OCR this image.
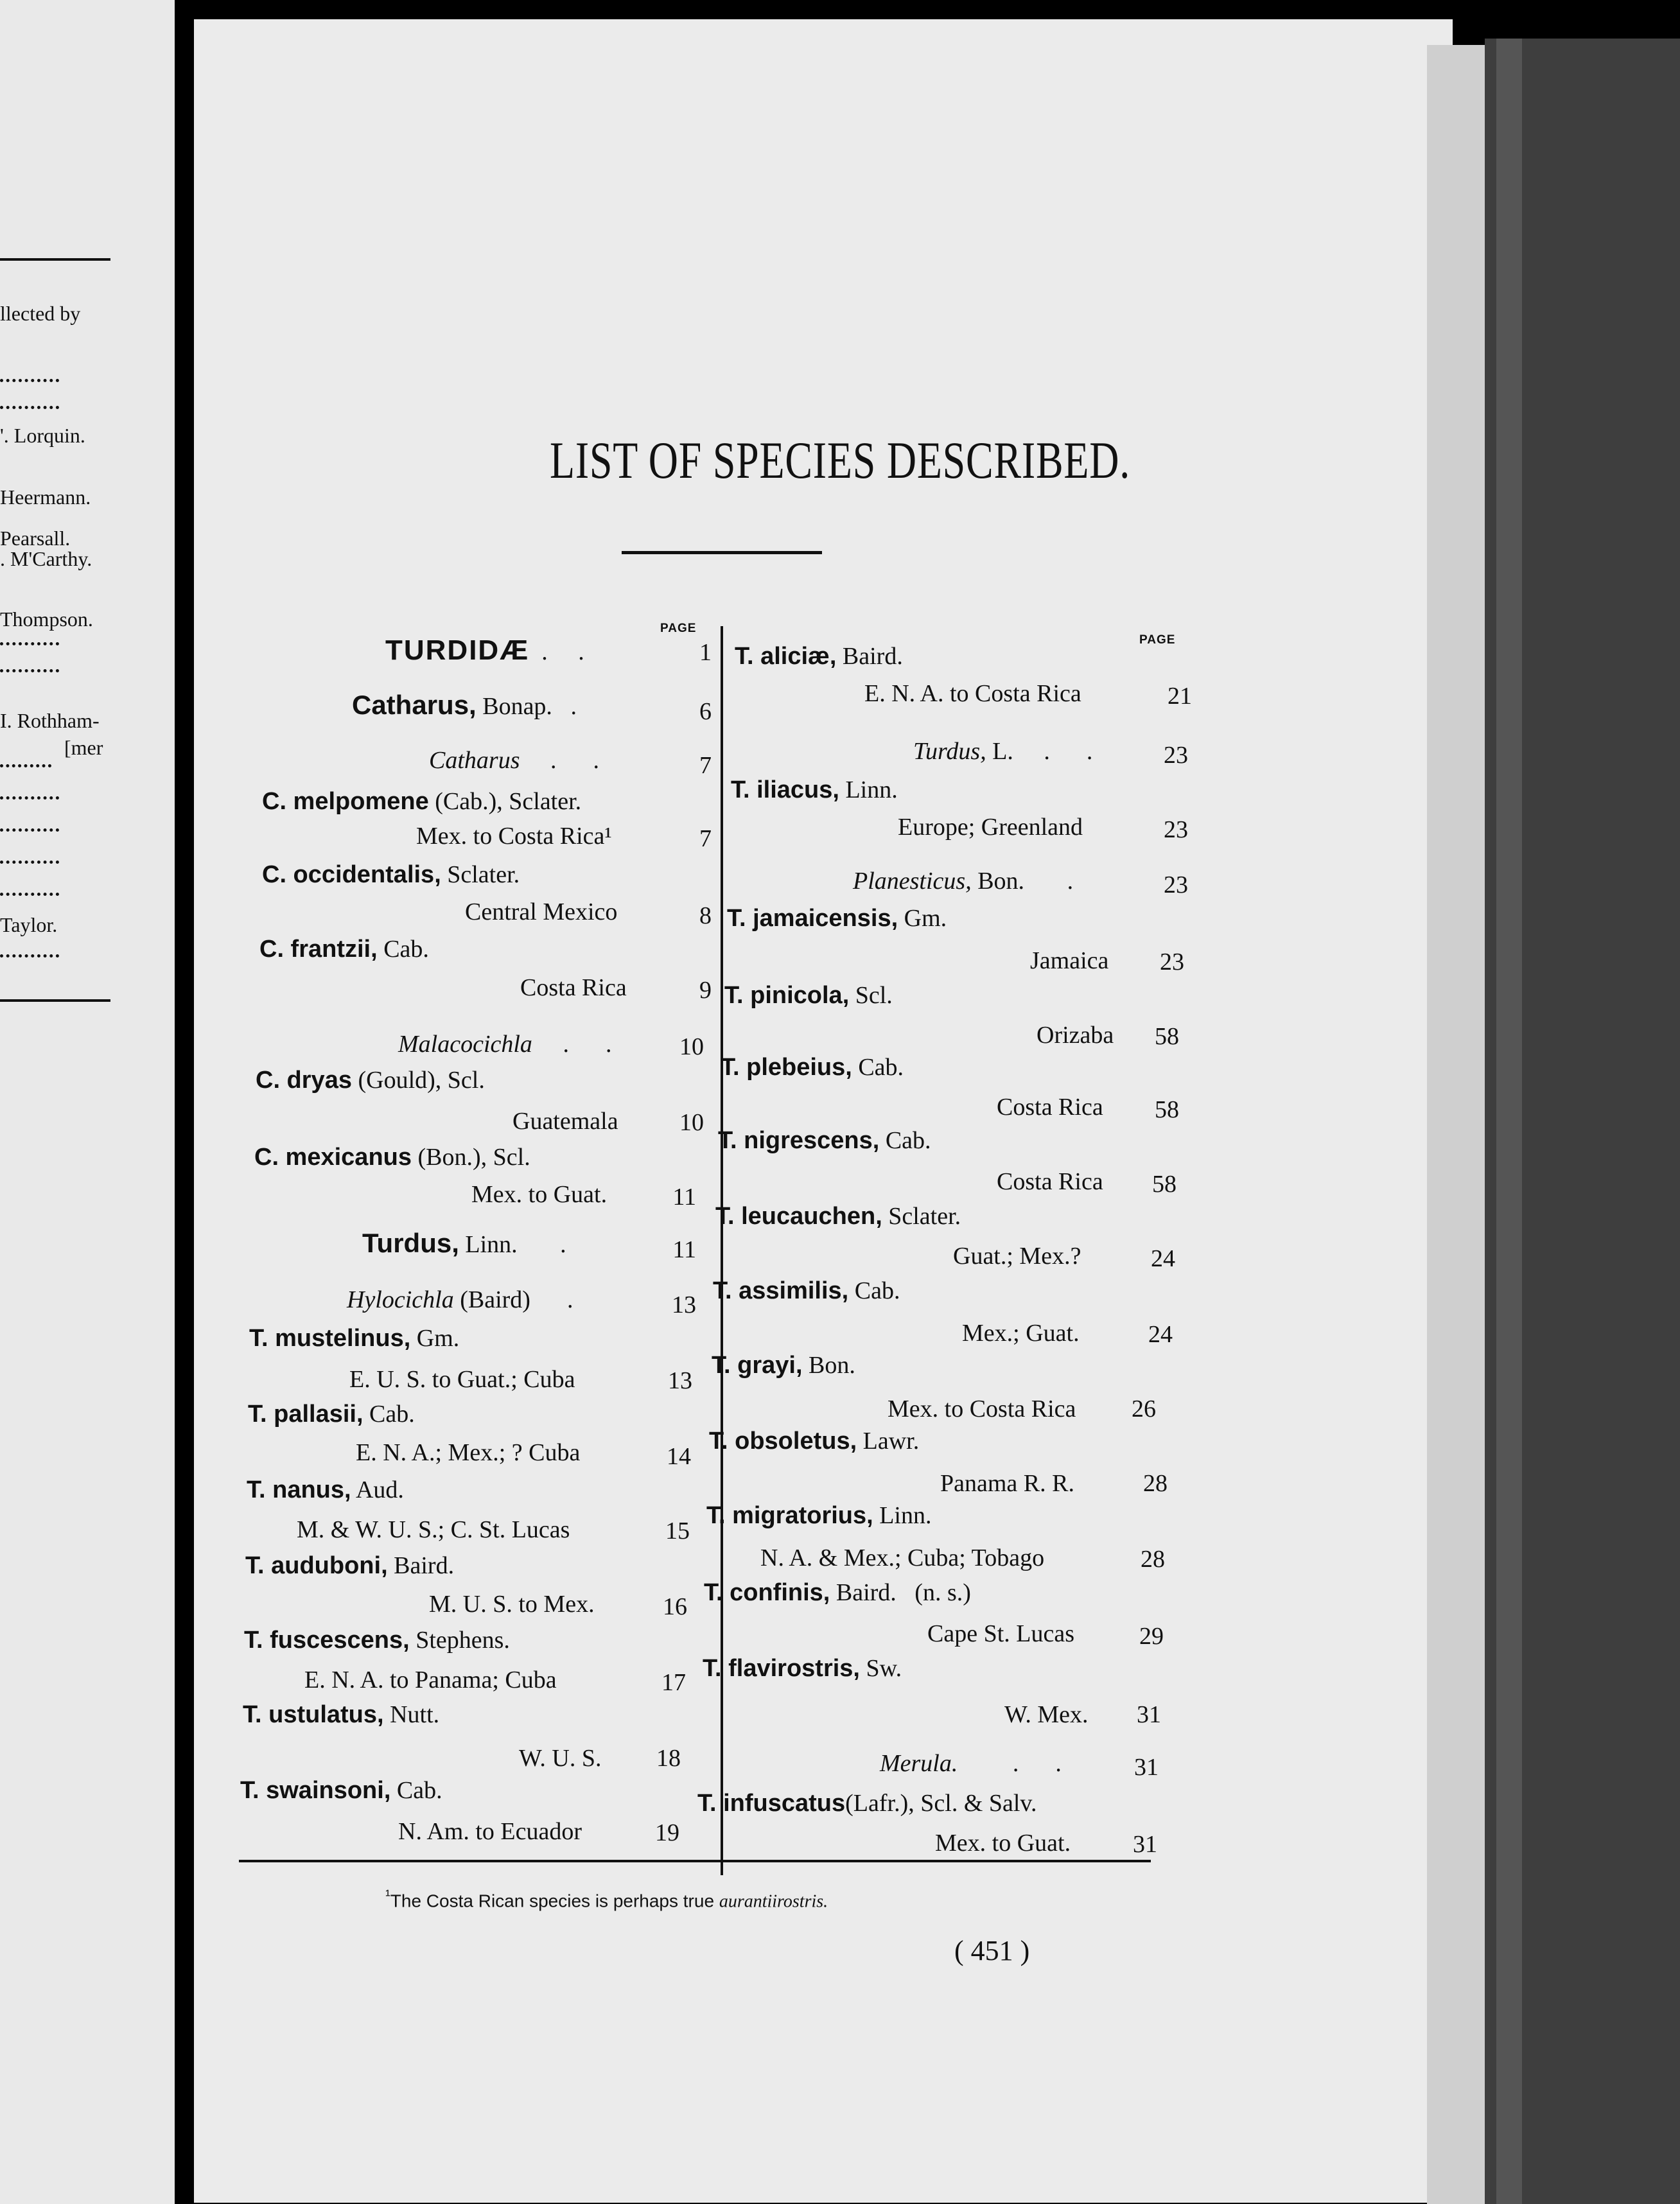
llected by
'. Lorquin.
Heermann.
Pearsall.
. M'Carthy.
Thompson.
I. Rothham-
[mer
Taylor.
LIST OF SPECIES DESCRIBED.
PAGE
PAGE
TURDIDÆ  .     .	1
Catharus, Bonap.   .	6
Catharus     .      .	7
C. melpomene (Cab.), Sclater.
Mex. to Costa Rica¹	7
C. occidentalis, Sclater.
Central Mexico	8
C. frantzii, Cab.
Costa Rica	9
Malacocichla     .      .	10
C. dryas (Gould), Scl.
Guatemala	10
C. mexicanus (Bon.), Scl.
Mex. to Guat.	11
Turdus, Linn.       .	11
Hylocichla (Baird)      .	13
T. mustelinus, Gm.
E. U. S. to Guat.; Cuba	13
T. pallasii, Cab.
E. N. A.; Mex.; ? Cuba	14
T. nanus, Aud.
M. & W. U. S.; C. St. Lucas	15
T. auduboni, Baird.
M. U. S. to Mex.	16
T. fuscescens, Stephens.
E. N. A. to Panama; Cuba	17
T. ustulatus, Nutt.
W. U. S.	18
T. swainsoni, Cab.
N. Am. to Ecuador	19
T. aliciæ, Baird.
E. N. A. to Costa Rica	21
Turdus, L.     .      .	23
T. iliacus, Linn.
Europe; Greenland	23
Planesticus, Bon.       .	23
T. jamaicensis, Gm.
Jamaica	23
T. pinicola, Scl.
Orizaba	58
T. plebeius, Cab.
Costa Rica	58
T. nigrescens, Cab.
Costa Rica	58
T. leucauchen, Sclater.
Guat.; Mex.?	24
T. assimilis, Cab.
Mex.; Guat.	24
T. grayi, Bon.
Mex. to Costa Rica	26
T. obsoletus, Lawr.
Panama R. R.	28
T. migratorius, Linn.
N. A. & Mex.; Cuba; Tobago	28
T. confinis, Baird. (n. s.)
Cape St. Lucas	29
T. flavirostris, Sw.
W. Mex.	31
Merula.         .      .	31
T. infuscatus(Lafr.), Scl. & Salv.
Mex. to Guat.	31
$^{^1}$The Costa Rican species is perhaps true aurantiirostris.
( 451 )
